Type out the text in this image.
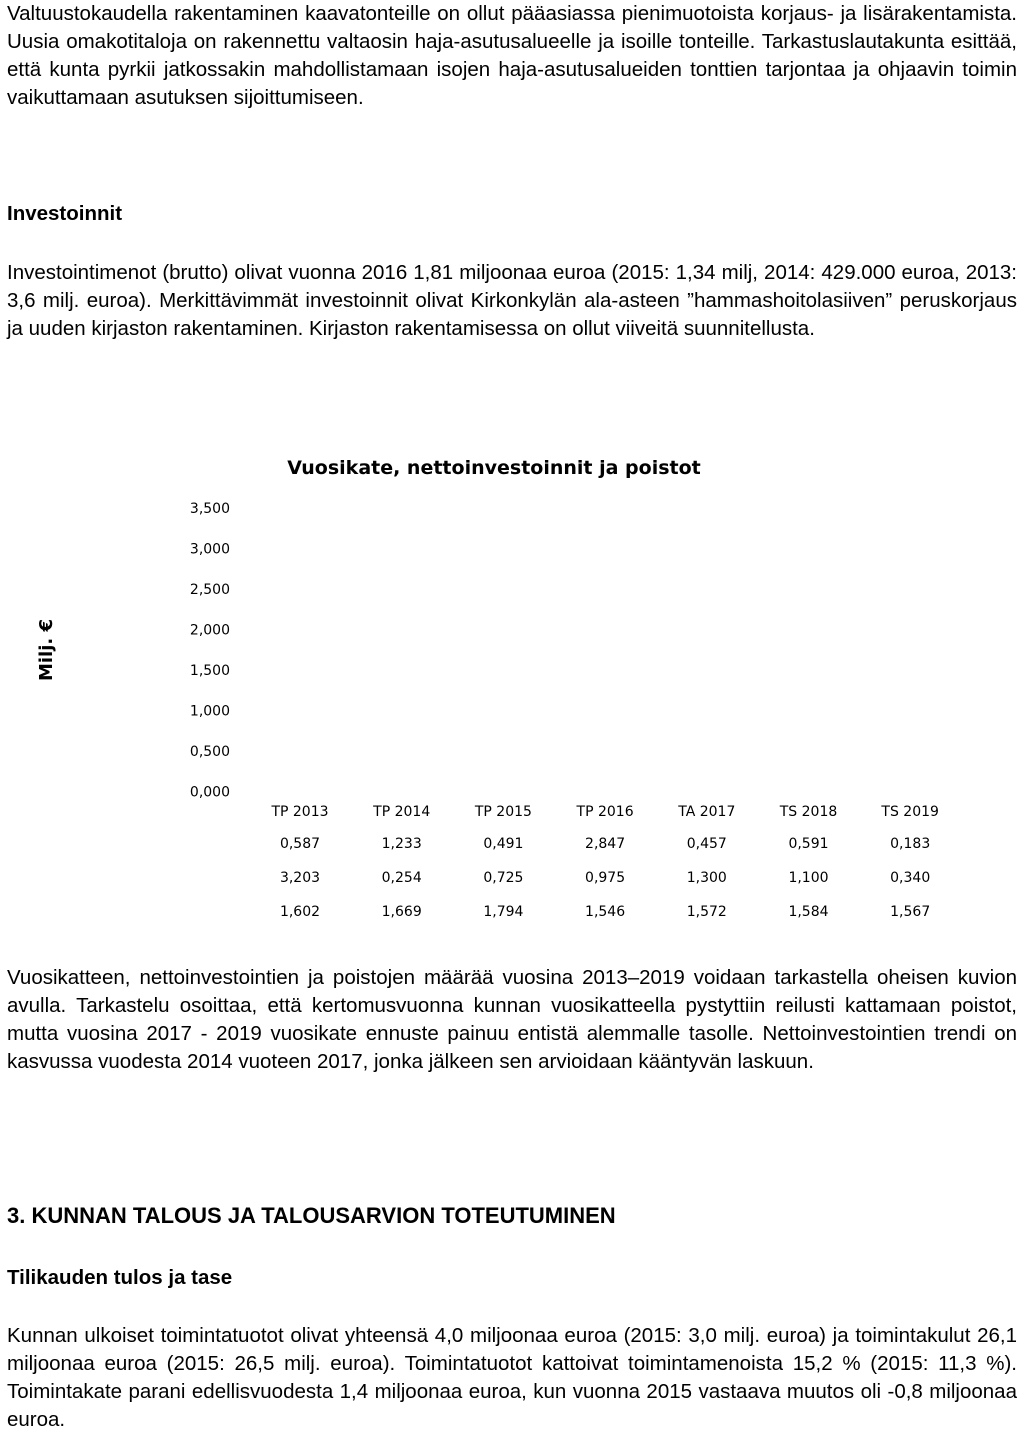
Valtuustokaudella rakentaminen kaavatonteille on ollut pääasiassa pienimuotoista korjaus- ja lisärakentamista. Uusia omakotitaloja on rakennettu valtaosin haja-asutusalueelle ja isoille tonteille. Tarkastuslautakunta esittää, että kunta pyrkii jatkossakin mahdollistamaan isojen haja-asutusalueiden tonttien tarjontaa ja ohjaavin toimin vaikuttamaan asutuksen sijoittumiseen.

Investoinnit

Investointimenot (brutto) olivat vuonna 2016 1,81 miljoonaa euroa (2015: 1,34 milj, 2014: 429.000 euroa, 2013: 3,6 milj. euroa). Merkittävimmät investoinnit olivat Kirkonkylän ala-asteen ”hammashoitolasiiven” peruskorjaus ja uuden kirjaston rakentaminen. Kirjaston rakentamisessa on ollut viiveitä suunnitellusta.

Vuosikate, nettoinvestoinnit ja poistot
Milj. €
3,500
3,000
2,500
2,000
1,500
1,000
0,500
0,000
TP 2013	TP 2014	TP 2015	TP 2016	TA 2017	TS 2018	TS 2019
0,587	1,233	0,491	2,847	0,457	0,591	0,183
3,203	0,254	0,725	0,975	1,300	1,100	0,340
1,602	1,669	1,794	1,546	1,572	1,584	1,567

Vuosikatteen, nettoinvestointien ja poistojen määrää vuosina 2013–2019 voidaan tarkastella oheisen kuvion avulla. Tarkastelu osoittaa, että kertomusvuonna kunnan vuosikatteella pystyttiin reilusti kattamaan poistot, mutta vuosina 2017 - 2019 vuosikate ennuste painuu entistä alemmalle tasolle. Nettoinvestointien trendi on kasvussa vuodesta 2014 vuoteen 2017, jonka jälkeen sen arvioidaan kääntyvän laskuun.

3. KUNNAN TALOUS JA TALOUSARVION TOTEUTUMINEN

Tilikauden tulos ja tase

Kunnan ulkoiset toimintatuotot olivat yhteensä 4,0 miljoonaa euroa (2015: 3,0 milj. euroa) ja toimintakulut 26,1 miljoonaa euroa (2015: 26,5 milj. euroa). Toimintatuotot kattoivat toimintamenoista 15,2 % (2015: 11,3 %). Toimintakate parani edellisvuodesta 1,4 miljoonaa euroa, kun vuonna 2015 vastaava muutos oli -0,8 miljoonaa euroa.
